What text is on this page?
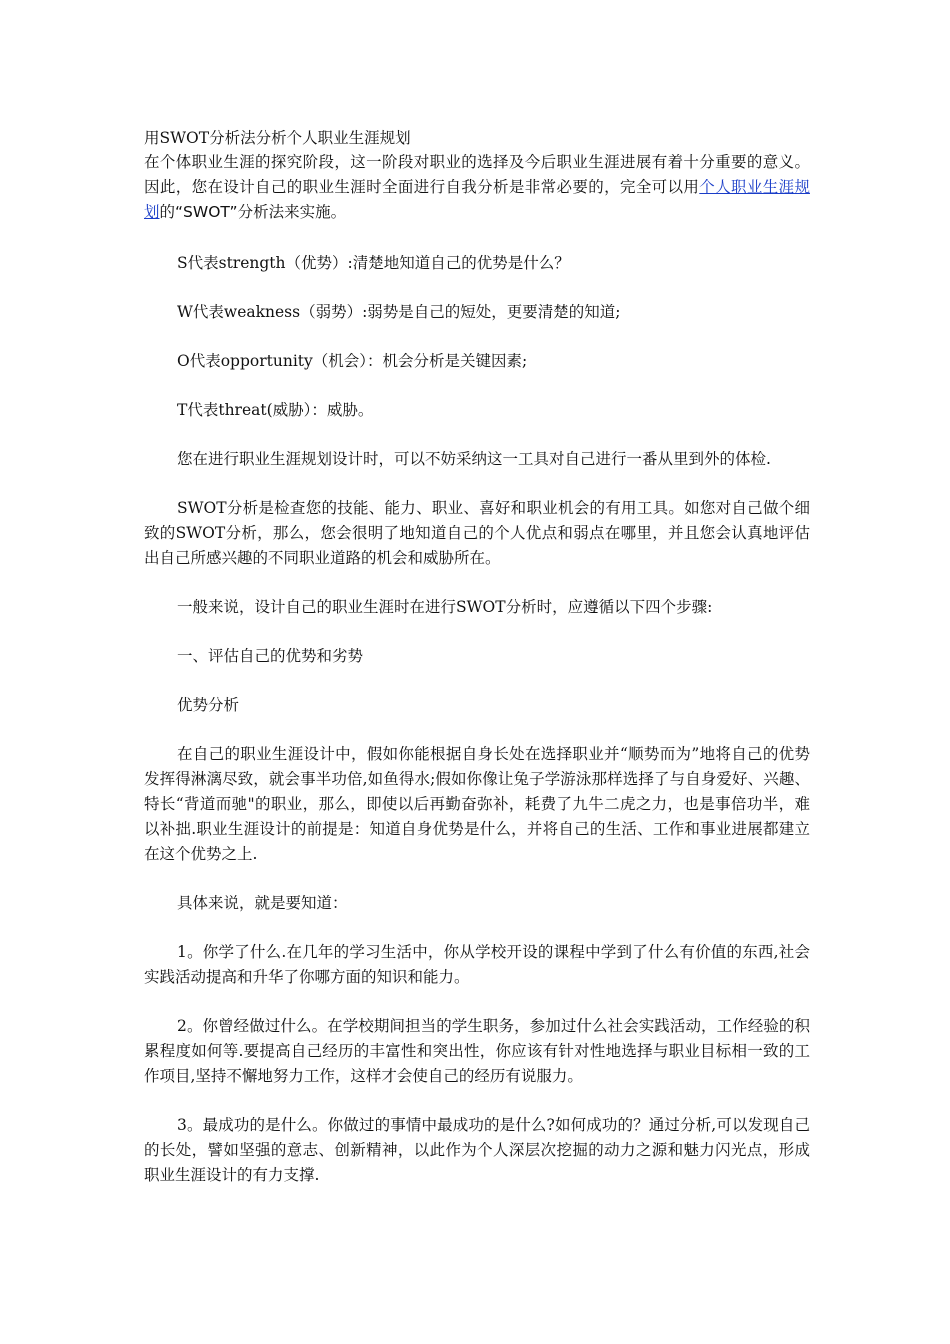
用SWOT分析法分析个人职业生涯规划

在个体职业生涯的探究阶段，这一阶段对职业的选择及今后职业生涯进展有着十分重要的意义。因此，您在设计自己的职业生涯时全面进行自我分析是非常必要的，完全可以用个人职业生涯规划的“SWOT”分析法来实施。

S代表strength（优势）:清楚地知道自己的优势是什么？

W代表weakness（弱势）:弱势是自己的短处，更要清楚的知道;

O代表opportunity（机会）：机会分析是关键因素;

T代表threat(威胁）：威胁。

您在进行职业生涯规划设计时，可以不妨采纳这一工具对自己进行一番从里到外的体检.

SWOT分析是检查您的技能、能力、职业、喜好和职业机会的有用工具。如您对自己做个细致的SWOT分析，那么，您会很明了地知道自己的个人优点和弱点在哪里，并且您会认真地评估出自己所感兴趣的不同职业道路的机会和威胁所在。

一般来说，设计自己的职业生涯时在进行SWOT分析时，应遵循以下四个步骤:

一、评估自己的优势和劣势

优势分析

在自己的职业生涯设计中，假如你能根据自身长处在选择职业并“顺势而为”地将自己的优势发挥得淋漓尽致，就会事半功倍,如鱼得水;假如你像让兔子学游泳那样选择了与自身爱好、兴趣、特长“背道而驰"的职业，那么，即使以后再勤奋弥补，耗费了九牛二虎之力，也是事倍功半，难以补拙.职业生涯设计的前提是：知道自身优势是什么，并将自己的生活、工作和事业进展都建立在这个优势之上.

具体来说，就是要知道：

1。你学了什么.在几年的学习生活中，你从学校开设的课程中学到了什么有价值的东西,社会实践活动提高和升华了你哪方面的知识和能力。

2。你曾经做过什么。在学校期间担当的学生职务，参加过什么社会实践活动，工作经验的积累程度如何等.要提高自己经历的丰富性和突出性，你应该有针对性地选择与职业目标相一致的工作项目,坚持不懈地努力工作，这样才会使自己的经历有说服力。

3。最成功的是什么。你做过的事情中最成功的是什么?如何成功的？通过分析,可以发现自己的长处，譬如坚强的意志、创新精神，以此作为个人深层次挖掘的动力之源和魅力闪光点，形成职业生涯设计的有力支撑.
